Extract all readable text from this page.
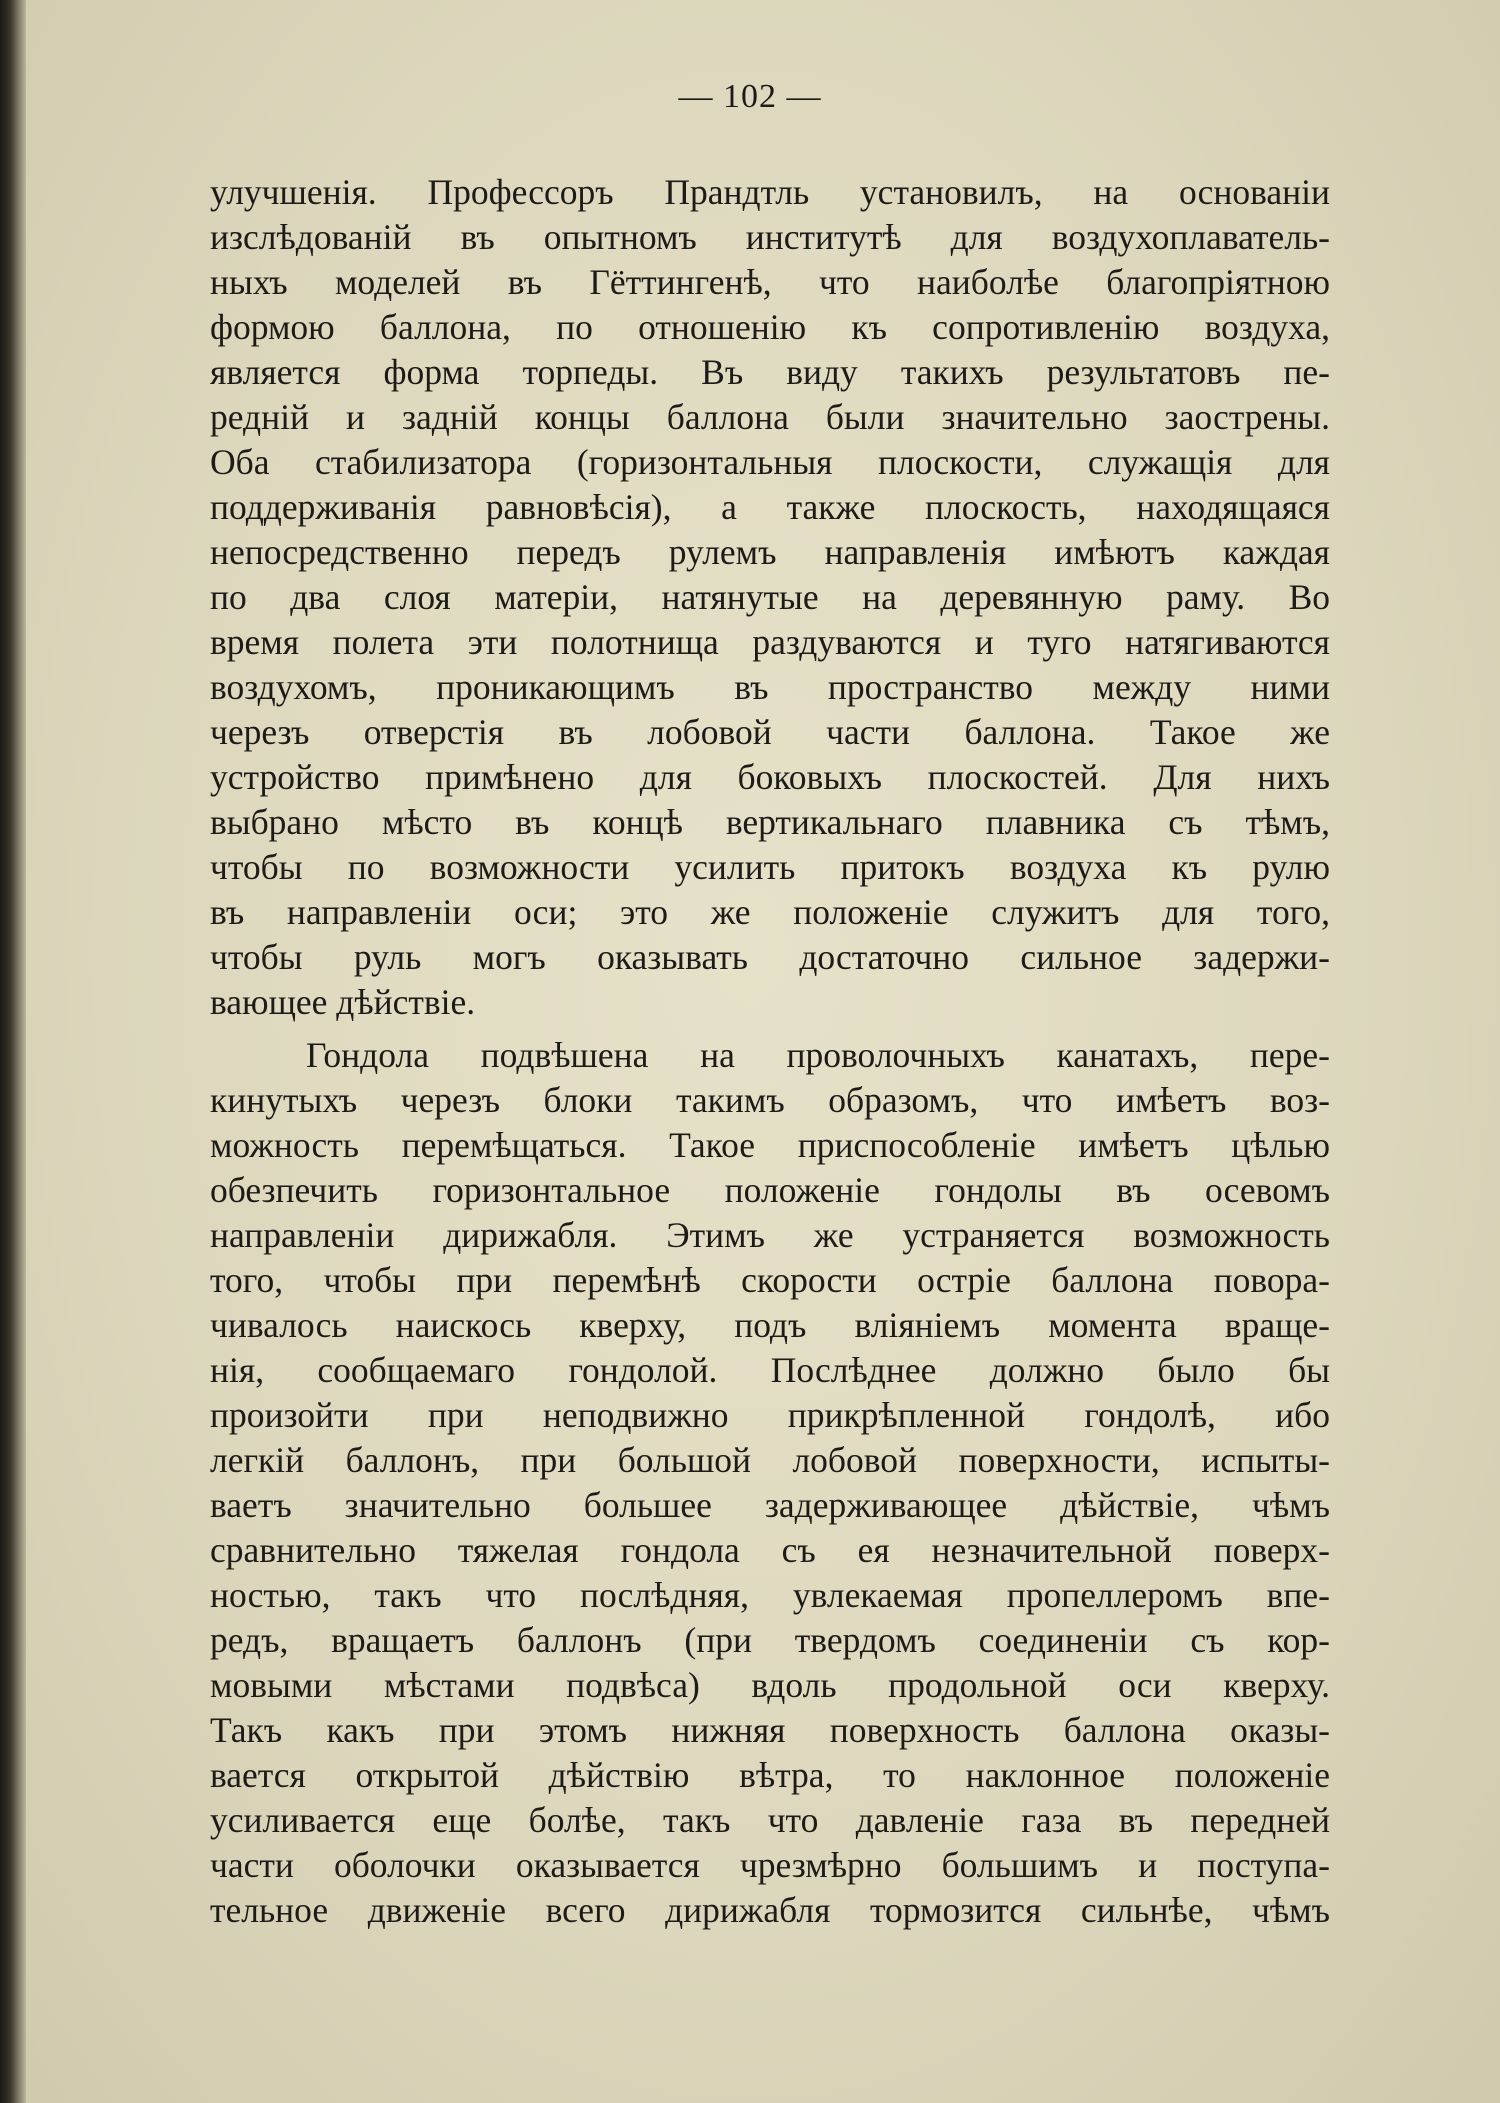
— 102 —
улучшенія. Профессоръ Прандтль установилъ, на основаніи
изслѣдованій въ опытномъ институтѣ для воздухоплаватель-
ныхъ моделей въ Гёттингенѣ, что наиболѣе благопріятною
формою баллона, по отношенію къ сопротивленію воздуха,
является форма торпеды. Въ виду такихъ результатовъ пе-
редній и задній концы баллона были значительно заострены.
Оба стабилизатора (горизонтальныя плоскости, служащія для
поддерживанія равновѣсія), а также плоскость, находящаяся
непосредственно передъ рулемъ направленія имѣютъ каждая
по два слоя матеріи, натянутые на деревянную раму. Во
время полета эти полотнища раздуваются и туго натягиваются
воздухомъ, проникающимъ въ пространство между ними
черезъ отверстія въ лобовой части баллона. Такое же
устройство примѣнено для боковыхъ плоскостей. Для нихъ
выбрано мѣсто въ концѣ вертикальнаго плавника съ тѣмъ,
чтобы по возможности усилить притокъ воздуха къ рулю
въ направленіи оси; это же положеніе служитъ для того,
чтобы руль могъ оказывать достаточно сильное задержи-
вающее дѣйствіе.
Гондола подвѣшена на проволочныхъ канатахъ, пере-
кинутыхъ черезъ блоки такимъ образомъ, что имѣетъ воз-
можность перемѣщаться. Такое приспособленіе имѣетъ цѣлью
обезпечить горизонтальное положеніе гондолы въ осевомъ
направленіи дирижабля. Этимъ же устраняется возможность
того, чтобы при перемѣнѣ скорости остріе баллона повора-
чивалось наискось кверху, подъ вліяніемъ момента враще-
нія, сообщаемаго гондолой. Послѣднее должно было бы
произойти при неподвижно прикрѣпленной гондолѣ, ибо
легкій баллонъ, при большой лобовой поверхности, испыты-
ваетъ значительно большее задерживающее дѣйствіе, чѣмъ
сравнительно тяжелая гондола съ ея незначительной поверх-
ностью, такъ что послѣдняя, увлекаемая пропеллеромъ впе-
редъ, вращаетъ баллонъ (при твердомъ соединеніи съ кор-
мовыми мѣстами подвѣса) вдоль продольной оси кверху.
Такъ какъ при этомъ нижняя поверхность баллона оказы-
вается открытой дѣйствію вѣтра, то наклонное положеніе
усиливается еще болѣе, такъ что давленіе газа въ передней
части оболочки оказывается чрезмѣрно большимъ и поступа-
тельное движеніе всего дирижабля тормозится сильнѣе, чѣмъ
